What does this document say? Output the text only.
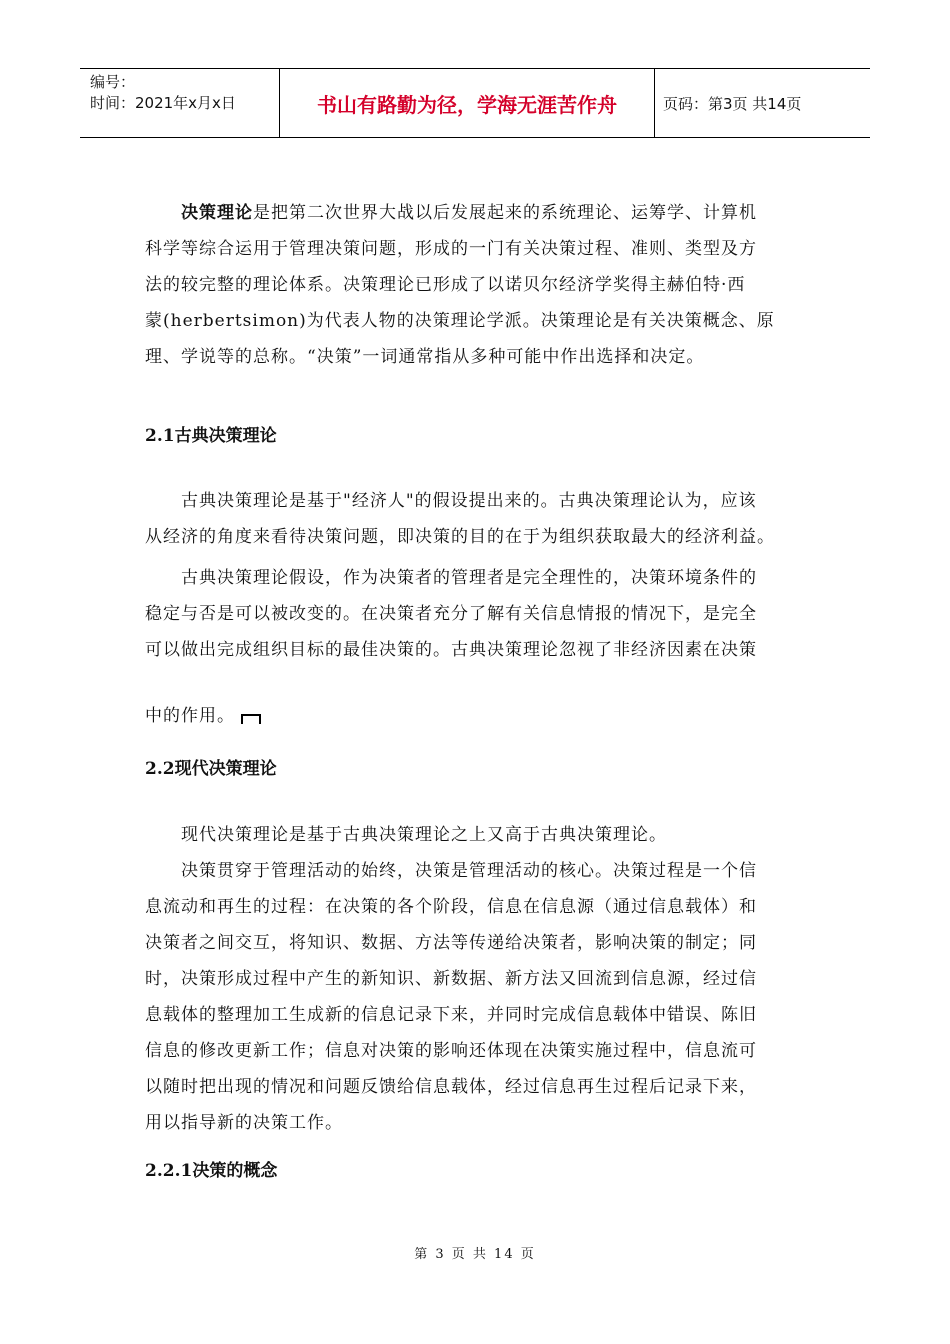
编号：
时间：2021年x月x日	书山有路勤为径，学海无涯苦作舟	页码：第3页 共14页
　　决策理论是把第二次世界大战以后发展起来的系统理论、运筹学、计算机
科学等综合运用于管理决策问题，形成的一门有关决策过程、准则、类型及方
法的较完整的理论体系。决策理论已形成了以诺贝尔经济学奖得主赫伯特·西
蒙(herbertsimon)为代表人物的决策理论学派。决策理论是有关决策概念、原
理、学说等的总称。“决策”一词通常指从多种可能中作出选择和决定。
2.1古典决策理论
　　古典决策理论是基于"经济人"的假设提出来的。古典决策理论认为，应该
从经济的角度来看待决策问题，即决策的目的在于为组织获取最大的经济利益。
　　古典决策理论假设，作为决策者的管理者是完全理性的，决策环境条件的
稳定与否是可以被改变的。在决策者充分了解有关信息情报的情况下，是完全
可以做出完成组织目标的最佳决策的。古典决策理论忽视了非经济因素在决策
中的作用。
2.2现代决策理论
　　现代决策理论是基于古典决策理论之上又高于古典决策理论。
　　决策贯穿于管理活动的始终，决策是管理活动的核心。决策过程是一个信
息流动和再生的过程：在决策的各个阶段，信息在信息源（通过信息载体）和
决策者之间交互，将知识、数据、方法等传递给决策者，影响决策的制定；同
时，决策形成过程中产生的新知识、新数据、新方法又回流到信息源，经过信
息载体的整理加工生成新的信息记录下来，并同时完成信息载体中错误、陈旧
信息的修改更新工作；信息对决策的影响还体现在决策实施过程中，信息流可
以随时把出现的情况和问题反馈给信息载体，经过信息再生过程后记录下来，
用以指导新的决策工作。
2.2.1决策的概念
第 3 页 共 14 页
